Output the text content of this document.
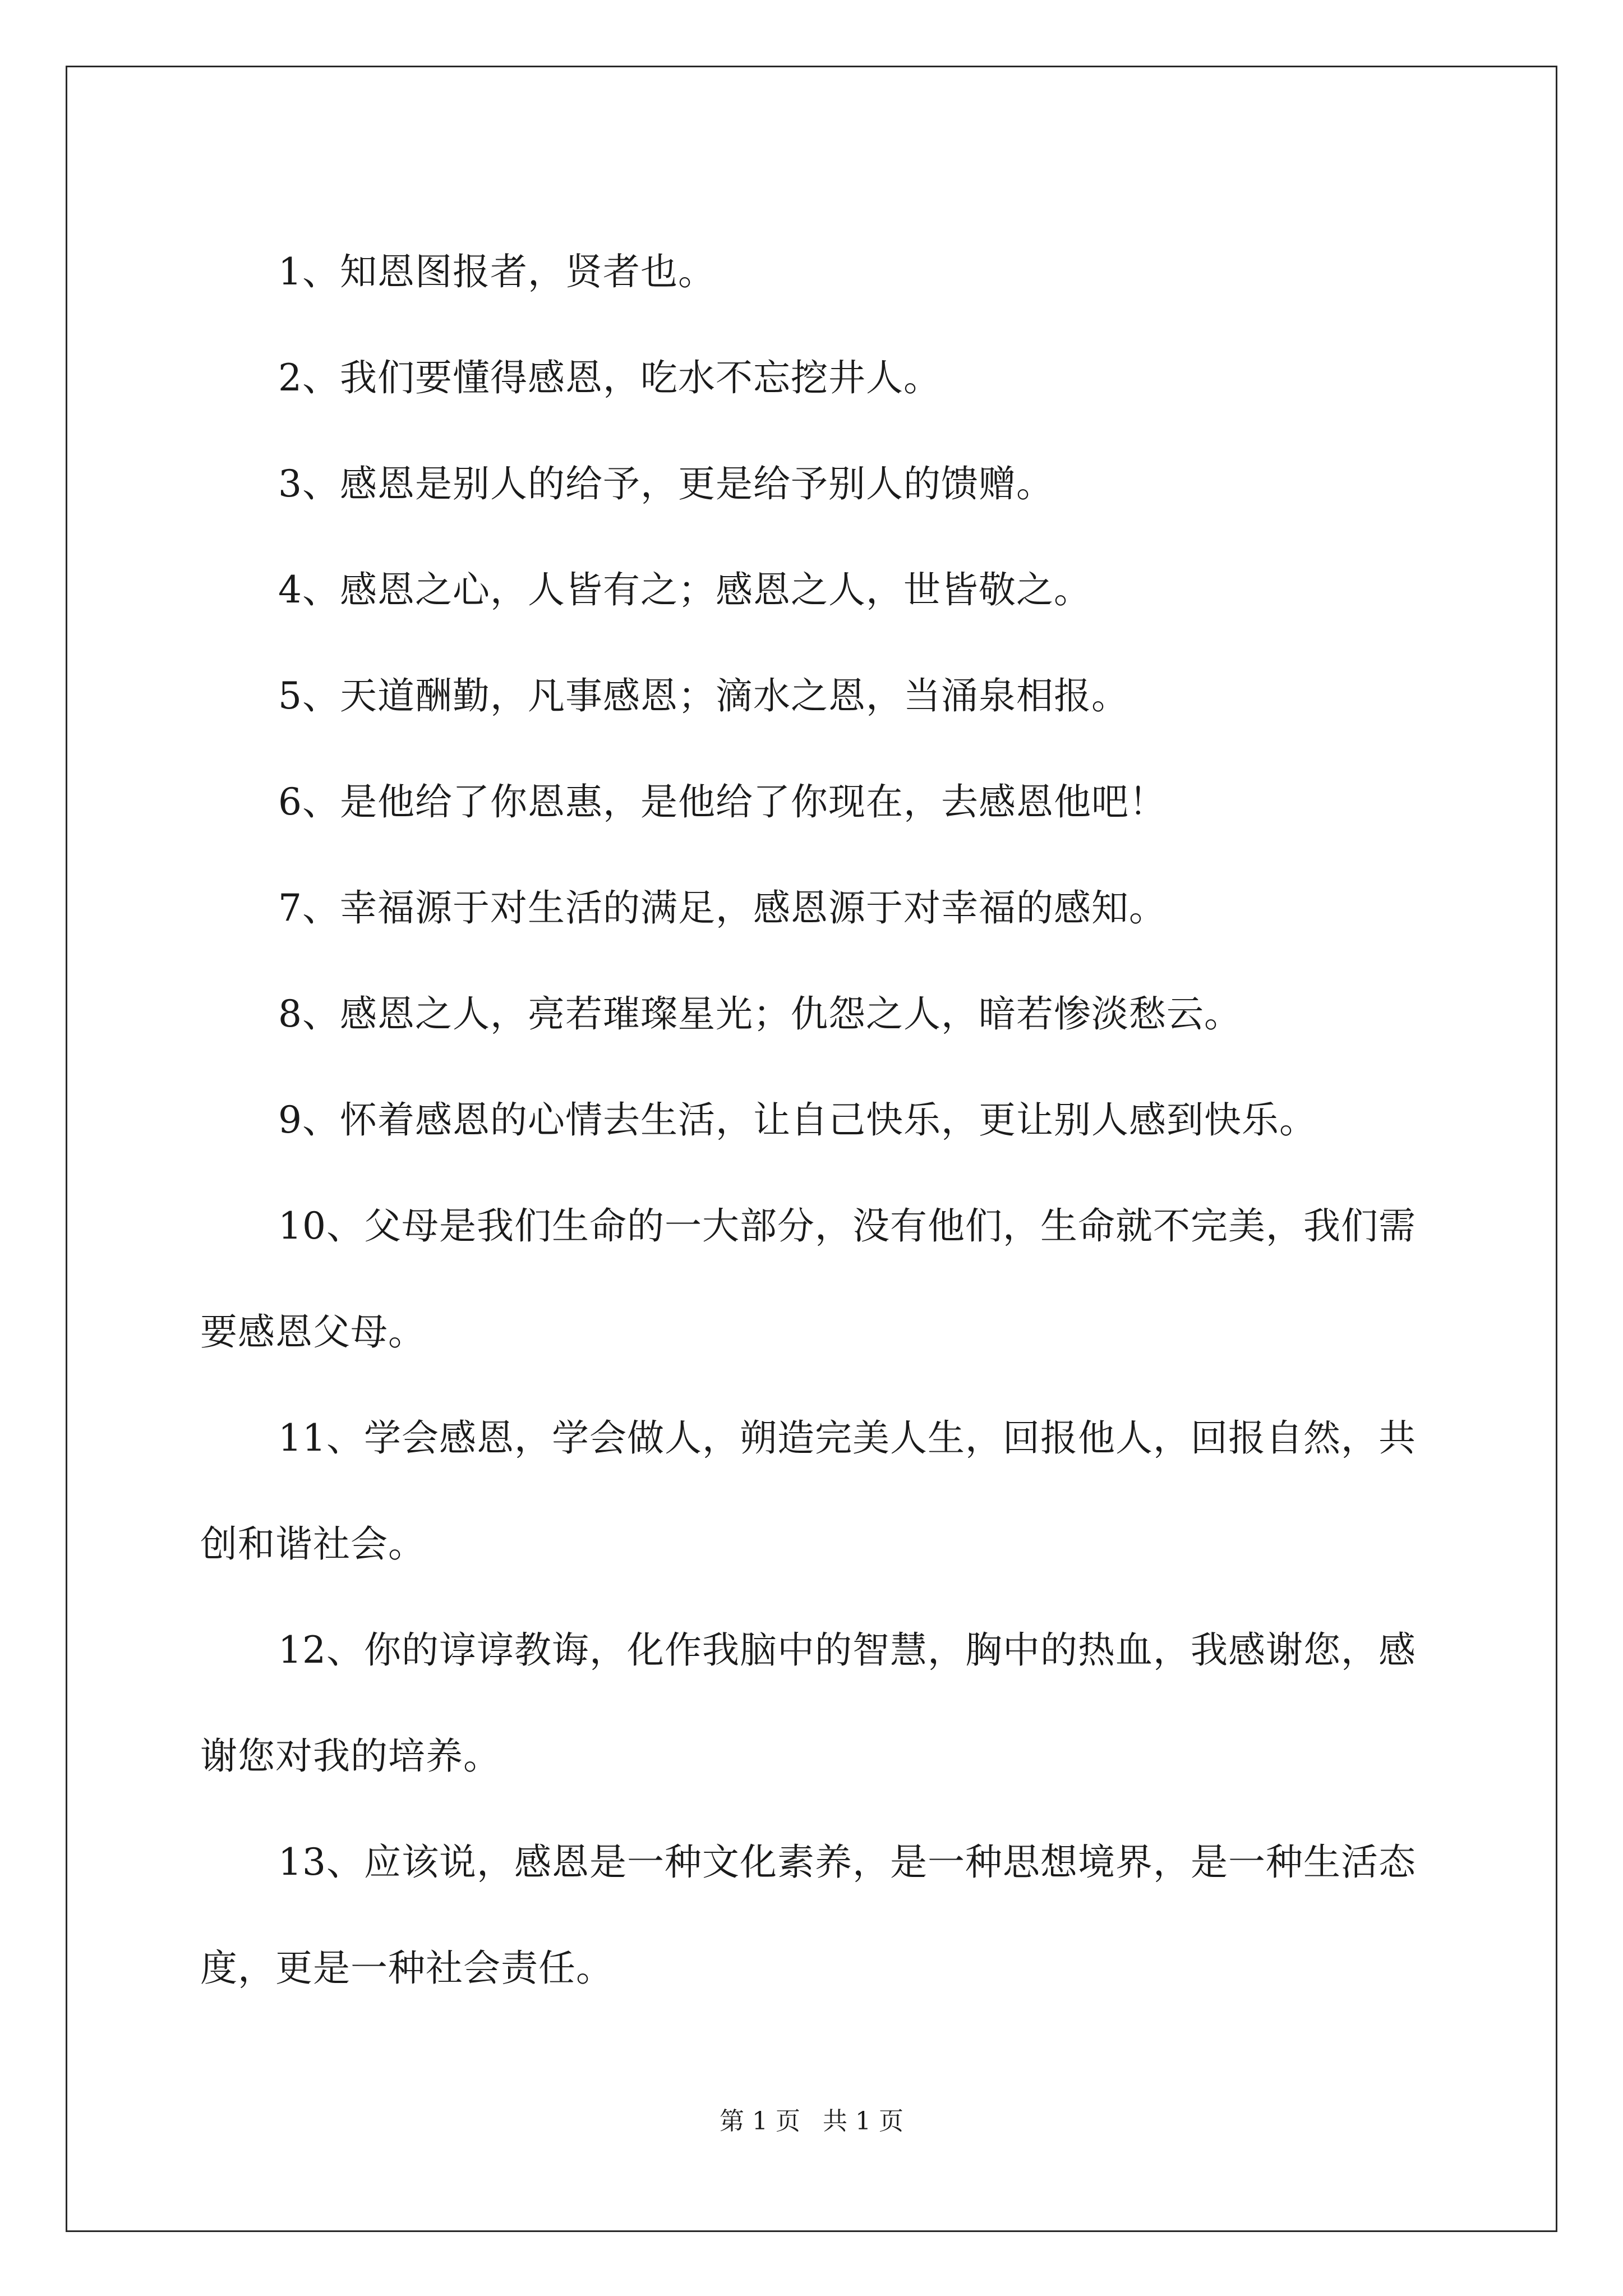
1、知恩图报者，贤者也。

2、我们要懂得感恩，吃水不忘挖井人。

3、感恩是别人的给予，更是给予别人的馈赠。

4、感恩之心，人皆有之；感恩之人，世皆敬之。

5、天道酬勤，凡事感恩；滴水之恩，当涌泉相报。

6、是他给了你恩惠，是他给了你现在，去感恩他吧！

7、幸福源于对生活的满足，感恩源于对幸福的感知。

8、感恩之人，亮若璀璨星光；仇怨之人，暗若惨淡愁云。

9、怀着感恩的心情去生活，让自己快乐，更让别人感到快乐。

10、父母是我们生命的一大部分，没有他们，生命就不完美，我们需要感恩父母。

11、学会感恩，学会做人，朔造完美人生，回报他人，回报自然，共创和谐社会。

12、你的谆谆教诲，化作我脑中的智慧，胸中的热血，我感谢您，感谢您对我的培养。

13、应该说，感恩是一种文化素养，是一种思想境界，是一种生活态度，更是一种社会责任。

第 1 页 共 1 页
